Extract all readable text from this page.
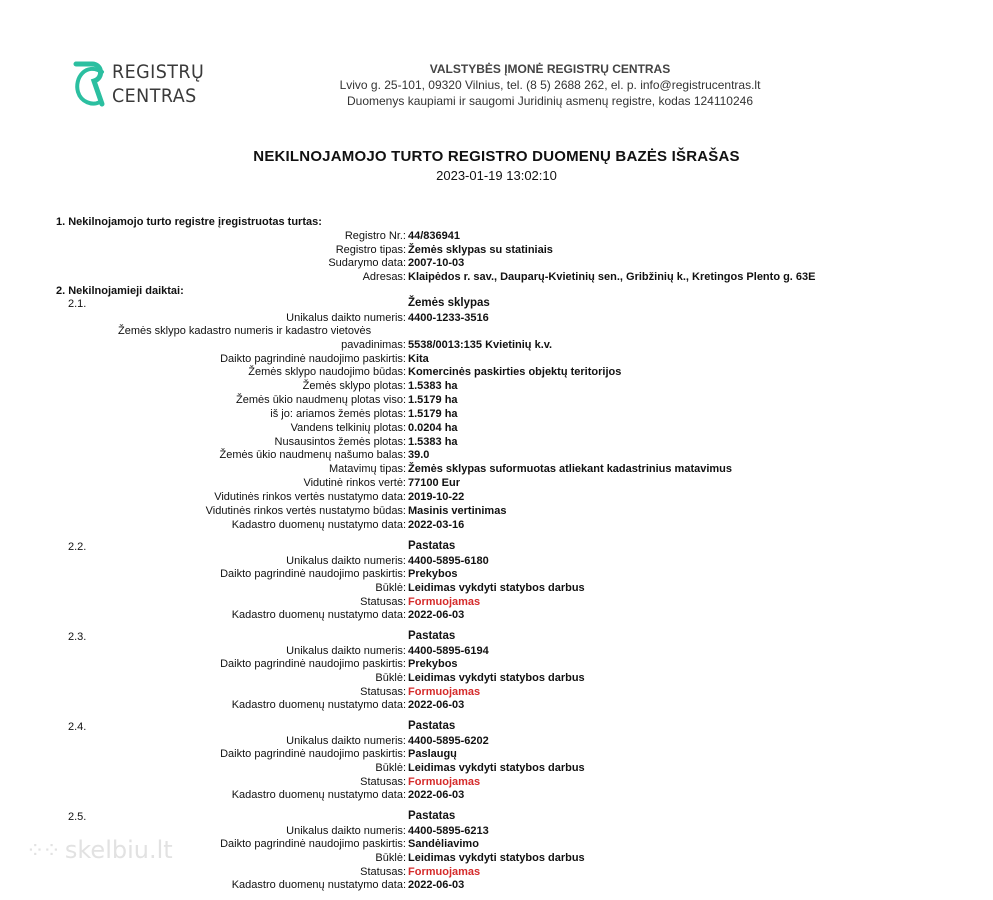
REGISTRŲ
CENTRAS
VALSTYBĖS ĮMONĖ REGISTRŲ CENTRAS
Lvivo g. 25-101, 09320 Vilnius, tel. (8 5) 2688 262, el. p. info@registrucentras.lt
Duomenys kaupiami ir saugomi Juridinių asmenų registre, kodas 124110246
NEKILNOJAMOJO TURTO REGISTRO DUOMENŲ BAZĖS IŠRAŠAS
2023-01-19 13:02:10
1. Nekilnojamojo turto registre įregistruotas turtas:
Registro Nr.: 44/836941
Registro tipas: Žemės sklypas su statiniais
Sudarymo data: 2007-10-03
Adresas: Klaipėdos r. sav., Dauparų-Kvietinių sen., Gribžinių k., Kretingos Plento g. 63E
2. Nekilnojamieji daiktai:
2.1.	Žemės sklypas
Unikalus daikto numeris: 4400-1233-3516
Žemės sklypo kadastro numeris ir kadastro vietovės
pavadinimas: 5538/0013:135 Kvietinių k.v.
Daikto pagrindinė naudojimo paskirtis: Kita
Žemės sklypo naudojimo būdas: Komercinės paskirties objektų teritorijos
Žemės sklypo plotas: 1.5383 ha
Žemės ūkio naudmenų plotas viso: 1.5179 ha
iš jo: ariamos žemės plotas: 1.5179 ha
Vandens telkinių plotas: 0.0204 ha
Nusausintos žemės plotas: 1.5383 ha
Žemės ūkio naudmenų našumo balas: 39.0
Matavimų tipas: Žemės sklypas suformuotas atliekant kadastrinius matavimus
Vidutinė rinkos vertė: 77100 Eur
Vidutinės rinkos vertės nustatymo data: 2019-10-22
Vidutinės rinkos vertės nustatymo būdas: Masinis vertinimas
Kadastro duomenų nustatymo data: 2022-03-16
2.2.	Pastatas
Unikalus daikto numeris: 4400-5895-6180
Daikto pagrindinė naudojimo paskirtis: Prekybos
Būklė: Leidimas vykdyti statybos darbus
Statusas: Formuojamas
Kadastro duomenų nustatymo data: 2022-06-03
2.3.	Pastatas
Unikalus daikto numeris: 4400-5895-6194
Daikto pagrindinė naudojimo paskirtis: Prekybos
Būklė: Leidimas vykdyti statybos darbus
Statusas: Formuojamas
Kadastro duomenų nustatymo data: 2022-06-03
2.4.	Pastatas
Unikalus daikto numeris: 4400-5895-6202
Daikto pagrindinė naudojimo paskirtis: Paslaugų
Būklė: Leidimas vykdyti statybos darbus
Statusas: Formuojamas
Kadastro duomenų nustatymo data: 2022-06-03
2.5.	Pastatas
Unikalus daikto numeris: 4400-5895-6213
Daikto pagrindinė naudojimo paskirtis: Sandėliavimo
Būklė: Leidimas vykdyti statybos darbus
Statusas: Formuojamas
Kadastro duomenų nustatymo data: 2022-06-03
⁘⁘ skelbiu.lt
